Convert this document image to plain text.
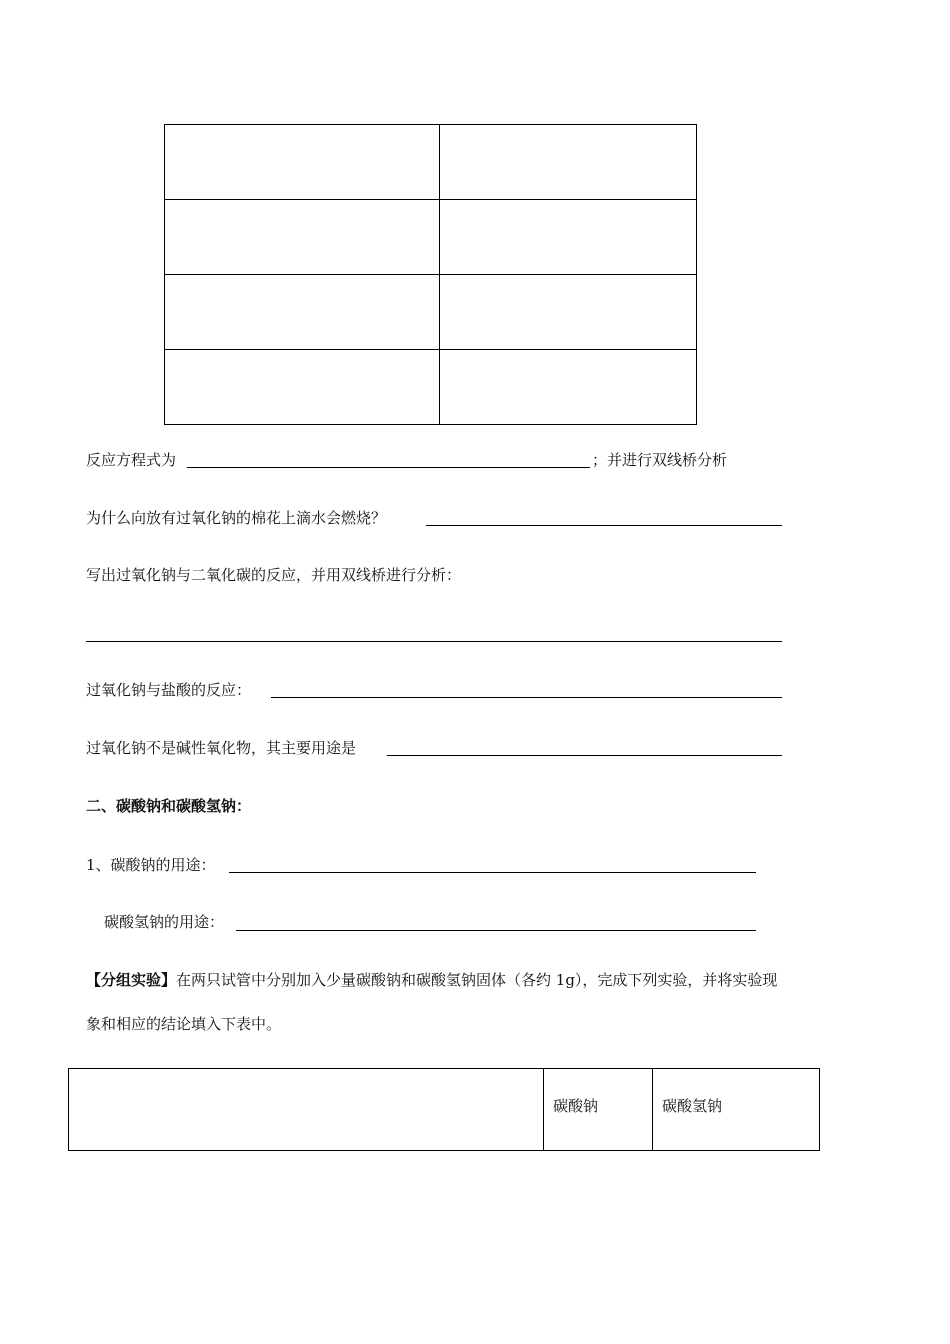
反应方程式为	；并进行双线桥分析
为什么向放有过氧化钠的棉花上滴水会燃烧？
写出过氧化钠与二氧化碳的反应，并用双线桥进行分析：
过氧化钠与盐酸的反应：
过氧化钠不是碱性氧化物，其主要用途是
二、碳酸钠和碳酸氢钠：
1、碳酸钠的用途：
碳酸氢钠的用途：
【分组实验】在两只试管中分别加入少量碳酸钠和碳酸氢钠固体（各约 1g），完成下列实验，并将实验现
象和相应的结论填入下表中。
	碳酸钠	碳酸氢钠
